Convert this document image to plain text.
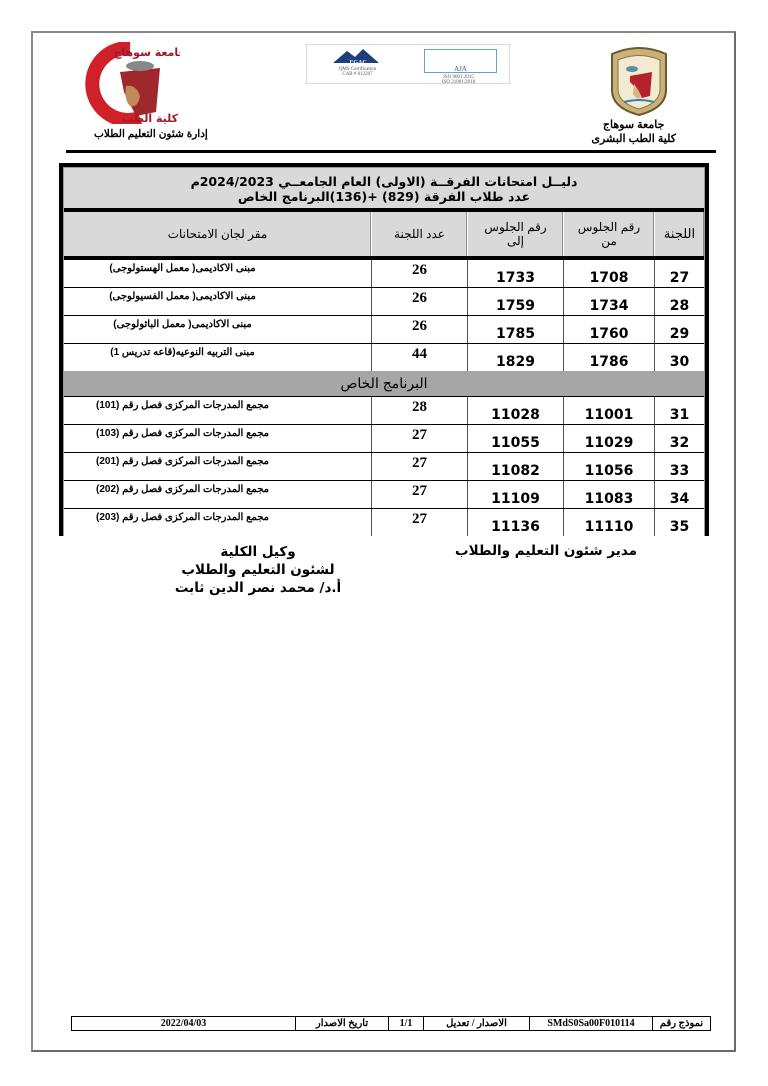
جامعة سوهاج
كلية الطب البشرى
EGAC
QMS Certification
CAB # 012207
AJA
ISO 9001:2015
ISO 21001:2018
جامعة سوهاج
كلية الطب
إدارة شئون التعليم الطلاب
دليــل امتحانات الفرقــة (الاولى) العام الجامعــي 2024/2023م
عدد طلاب الفرقة (829) +(136)البرنامج الخاص
اللجنة
رقم الجلوس
من
رقم الجلوس
إلى
عدد اللجنة
مقر لجان الامتحانات
27
1708
1733
26
مبنى الاكاديمى( معمل الهستولوجى)
28
1734
1759
26
مبنى الاكاديمى( معمل الفسيولوجى)
29
1760
1785
26
مبنى الاكاديمى( معمل الباثولوجى)
30
1786
1829
44
مبنى التربيه النوعيه(قاعه تدريس 1)
البرنامج الخاص
31
11001
11028
28
مجمع المدرجات المركزى فصل رقم (101)
32
11029
11055
27
مجمع المدرجات المركزى فصل رقم (103)
33
11056
11082
27
مجمع المدرجات المركزى فصل رقم (201)
34
11083
11109
27
مجمع المدرجات المركزى فصل رقم (202)
35
11110
11136
27
مجمع المدرجات المركزى فصل رقم (203)
مدير شئون التعليم والطلاب
وكيل الكلية
لشئون التعليم والطلاب
أ.د/ محمد نصر الدين ثابت
نموذج رقم
SMdS0Sa00F010114
الاصدار / تعديل
1/1
تاريخ الاصدار
2022/04/03
